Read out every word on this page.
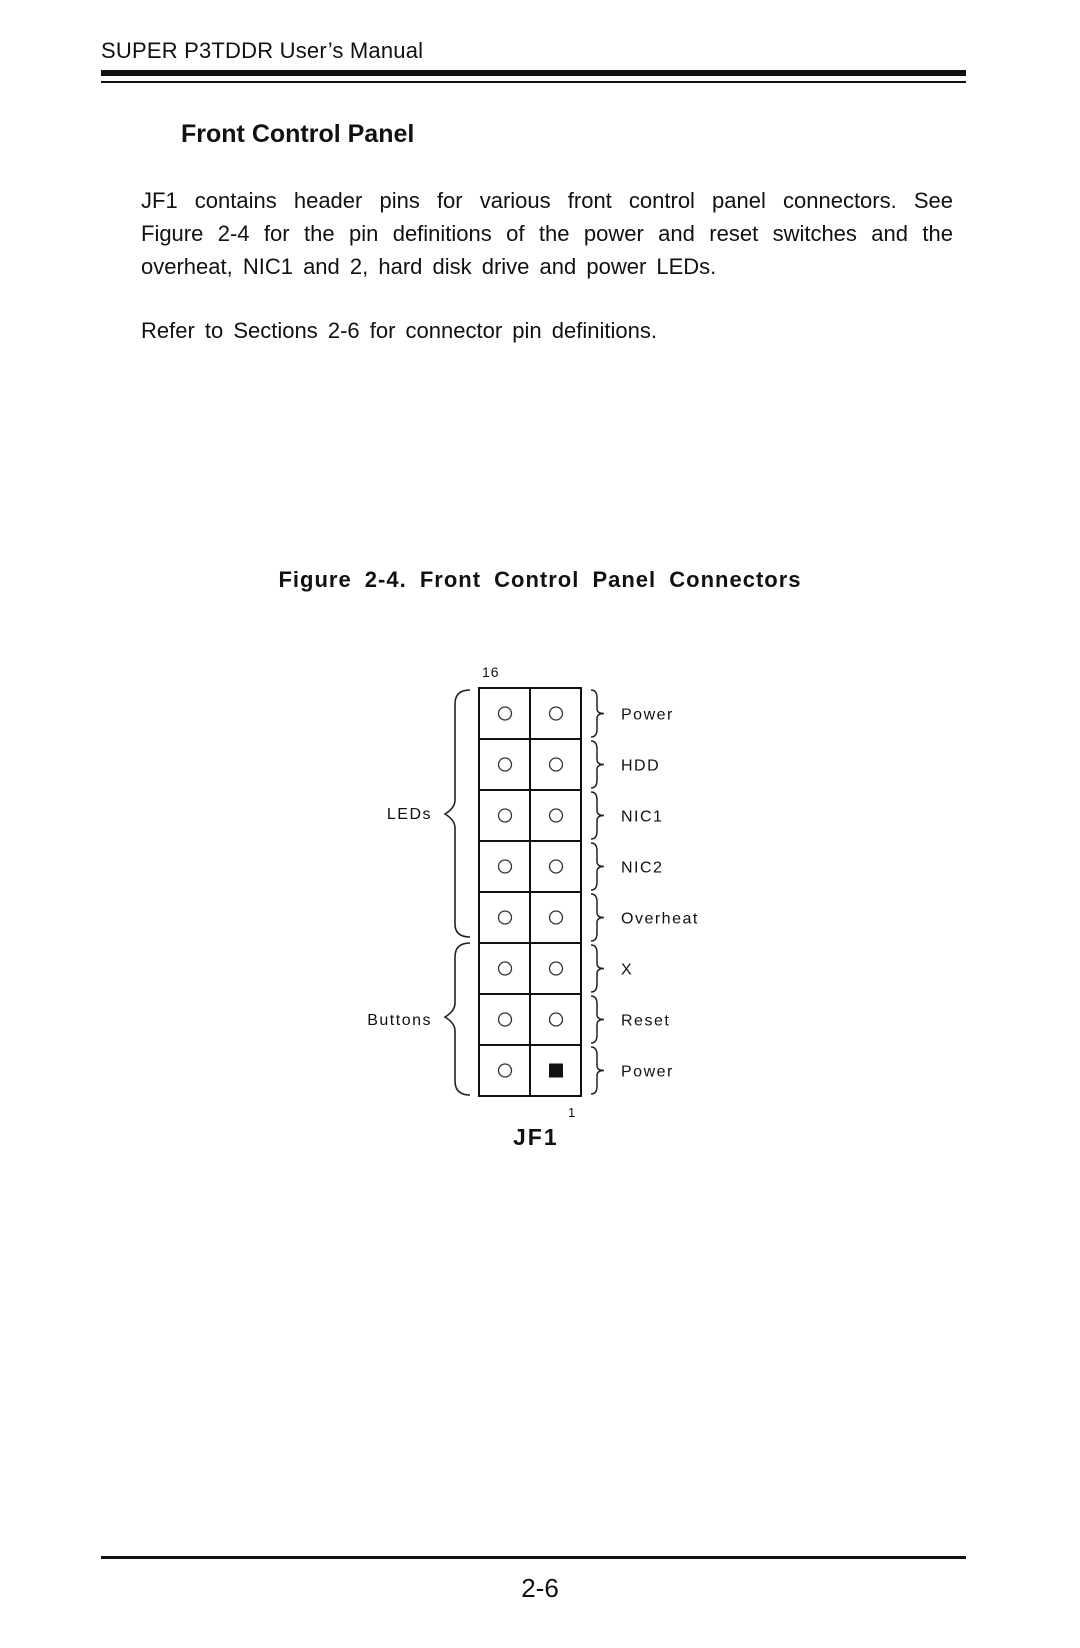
SUPER P3TDDR User’s Manual
Front Control Panel

JF1 contains header pins for various front control panel connectors. See Figure 2-4 for the pin definitions of the power and reset switches and the overheat, NIC1 and 2, hard disk drive and power LEDs.

Refer to Sections 2-6 for connector pin definitions.

Figure 2-4. Front Control Panel Connectors
16
LEDs
Buttons
Power
HDD
NIC1
NIC2
Overheat
X
Reset
Power
JF1
1
2-6
